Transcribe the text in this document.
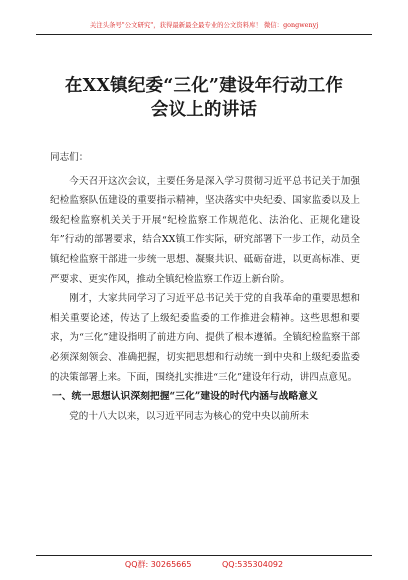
关注头条号"公文研究"，获得最新最全最专业的公文资料库！ 微信：gongwenyj
在XX镇纪委“三化”建设年行动工作
会议上的讲话

同志们：

今天召开这次会议，主要任务是深入学习贯彻习近平总书记关于加强纪检监察队伍建设的重要指示精神，坚决落实中央纪委、国家监委以及上级纪检监察机关关于开展“纪检监察工作规范化、法治化、正规化建设年”行动的部署要求，结合XX镇工作实际，研究部署下一步工作，动员全镇纪检监察干部进一步统一思想、凝聚共识、砥砺奋进，以更高标准、更严要求、更实作风，推动全镇纪检监察工作迈上新台阶。

刚才，大家共同学习了习近平总书记关于党的自我革命的重要思想和相关重要论述，传达了上级纪委监委的工作推进会精神。这些思想和要求，为“三化”建设指明了前进方向、提供了根本遵循。全镇纪检监察干部必须深刻领会、准确把握，切实把思想和行动统一到中央和上级纪委监委的决策部署上来。下面，围绕扎实推进“三化”建设年行动，讲四点意见。

一、统一思想认识深刻把握“三化”建设的时代内涵与战略意义

党的十八大以来，以习近平同志为核心的党中央以前所未

QQ群: 30265665	QQ:535304092
